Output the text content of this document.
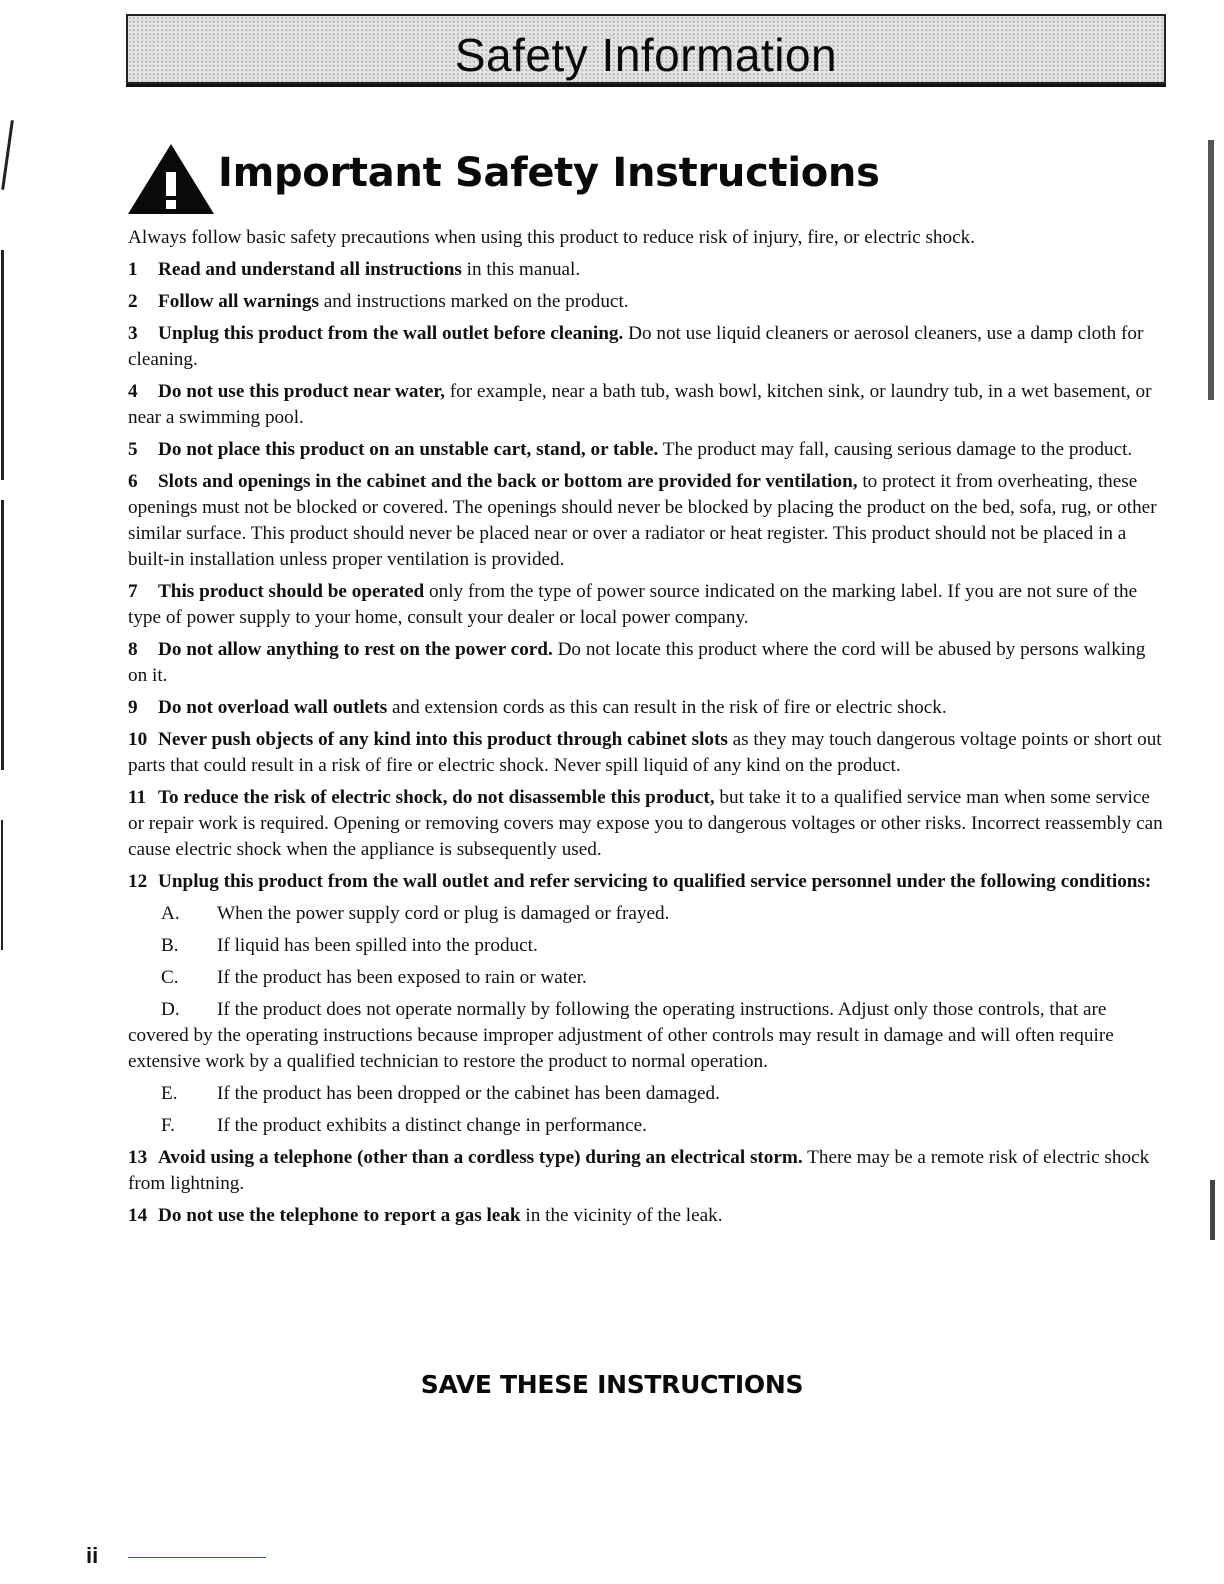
Safety Information
Important Safety Instructions

Always follow basic safety precautions when using this product to reduce risk of injury, fire, or electric shock.

1 Read and understand all instructions in this manual.

2 Follow all warnings and instructions marked on the product.

3 Unplug this product from the wall outlet before cleaning. Do not use liquid cleaners or aerosol cleaners, use a damp cloth for cleaning.

4 Do not use this product near water, for example, near a bath tub, wash bowl, kitchen sink, or laundry tub, in a wet basement, or near a swimming pool.

5 Do not place this product on an unstable cart, stand, or table. The product may fall, causing serious damage to the product.

6 Slots and openings in the cabinet and the back or bottom are provided for ventilation, to protect it from overheating, these openings must not be blocked or covered. The openings should never be blocked by placing the product on the bed, sofa, rug, or other similar surface. This product should never be placed near or over a radiator or heat register. This product should not be placed in a built-in installation unless proper ventilation is provided.

7 This product should be operated only from the type of power source indicated on the marking label. If you are not sure of the type of power supply to your home, consult your dealer or local power company.

8 Do not allow anything to rest on the power cord. Do not locate this product where the cord will be abused by persons walking on it.

9 Do not overload wall outlets and extension cords as this can result in the risk of fire or electric shock.

10 Never push objects of any kind into this product through cabinet slots as they may touch dangerous voltage points or short out parts that could result in a risk of fire or electric shock. Never spill liquid of any kind on the product.

11 To reduce the risk of electric shock, do not disassemble this product, but take it to a qualified service man when some service or repair work is required. Opening or removing covers may expose you to dangerous voltages or other risks. Incorrect reassembly can cause electric shock when the appliance is subsequently used.

12 Unplug this product from the wall outlet and refer servicing to qualified service personnel under the following conditions:

A. When the power supply cord or plug is damaged or frayed.

B. If liquid has been spilled into the product.

C. If the product has been exposed to rain or water.

D. If the product does not operate normally by following the operating instructions. Adjust only those controls, that are covered by the operating instructions because improper adjustment of other controls may result in damage and will often require extensive work by a qualified technician to restore the product to normal operation.

E. If the product has been dropped or the cabinet has been damaged.

F. If the product exhibits a distinct change in performance.

13 Avoid using a telephone (other than a cordless type) during an electrical storm. There may be a remote risk of electric shock from lightning.

14 Do not use the telephone to report a gas leak in the vicinity of the leak.

SAVE THESE INSTRUCTIONS
ii
